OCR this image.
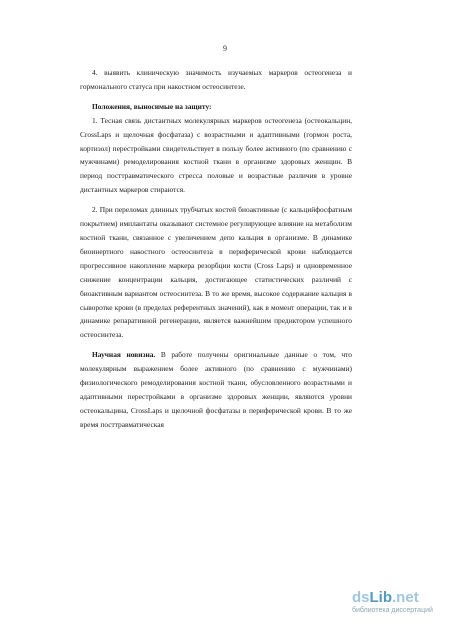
9

4. выявить клиническую значимость изучаемых маркеров остеогенеза и гормонального статуса при накостном остеосинтезе.

Положения, выносимые на защиту:

1. Тесная связь дистантных молекулярных маркеров остеогенеза (остеокальцин, CrossLaps и щелочная фосфатаза) с возрастными и адаптивными (гормон роста, кортизол) перестройками свидетельствует в пользу более активного (по сравнению с мужчинами) ремоделирования костной ткани в организме здоровых женщин. В период посттравматического стресса половые и возрастные различия в уровне дистантных маркеров стираются.

2. При переломах длинных трубчатых костей биоактивные (с кальцийфосфатным покрытием) имплантаты оказывают системное регулирующее влияние на метаболизм костной ткани, связанное с увеличением депо кальция в организме. В динамике биоинертного накостного остеосинтеза в периферической крови наблюдается прогрессивное накопление маркера резорбции кости (Cross Laps) и одновременное снижение концентрации кальция, достигающее статистических различий с биоактивным вариантом остеосинтеза. В то же время, высокое содержание кальция в сыворотке крови (в пределах референтных значений), как в момент операции, так и в динамике репаративной регенерации, является важнейшим предиктором успешного остеосинтеза.

Научная новизна. В работе получены оригинальные данные о том, что молекулярным выражением более активного (по сравнению с мужчинами) физиологического ремоделирования костной ткани, обусловленного возрастными и адаптивными перестройками в организме здоровых женщин, являются уровни остеокальцина, CrossLaps и щелочной фосфатазы в периферической крови. В то же время посттравматическая

ds Lib .net
библиотека диссертаций
